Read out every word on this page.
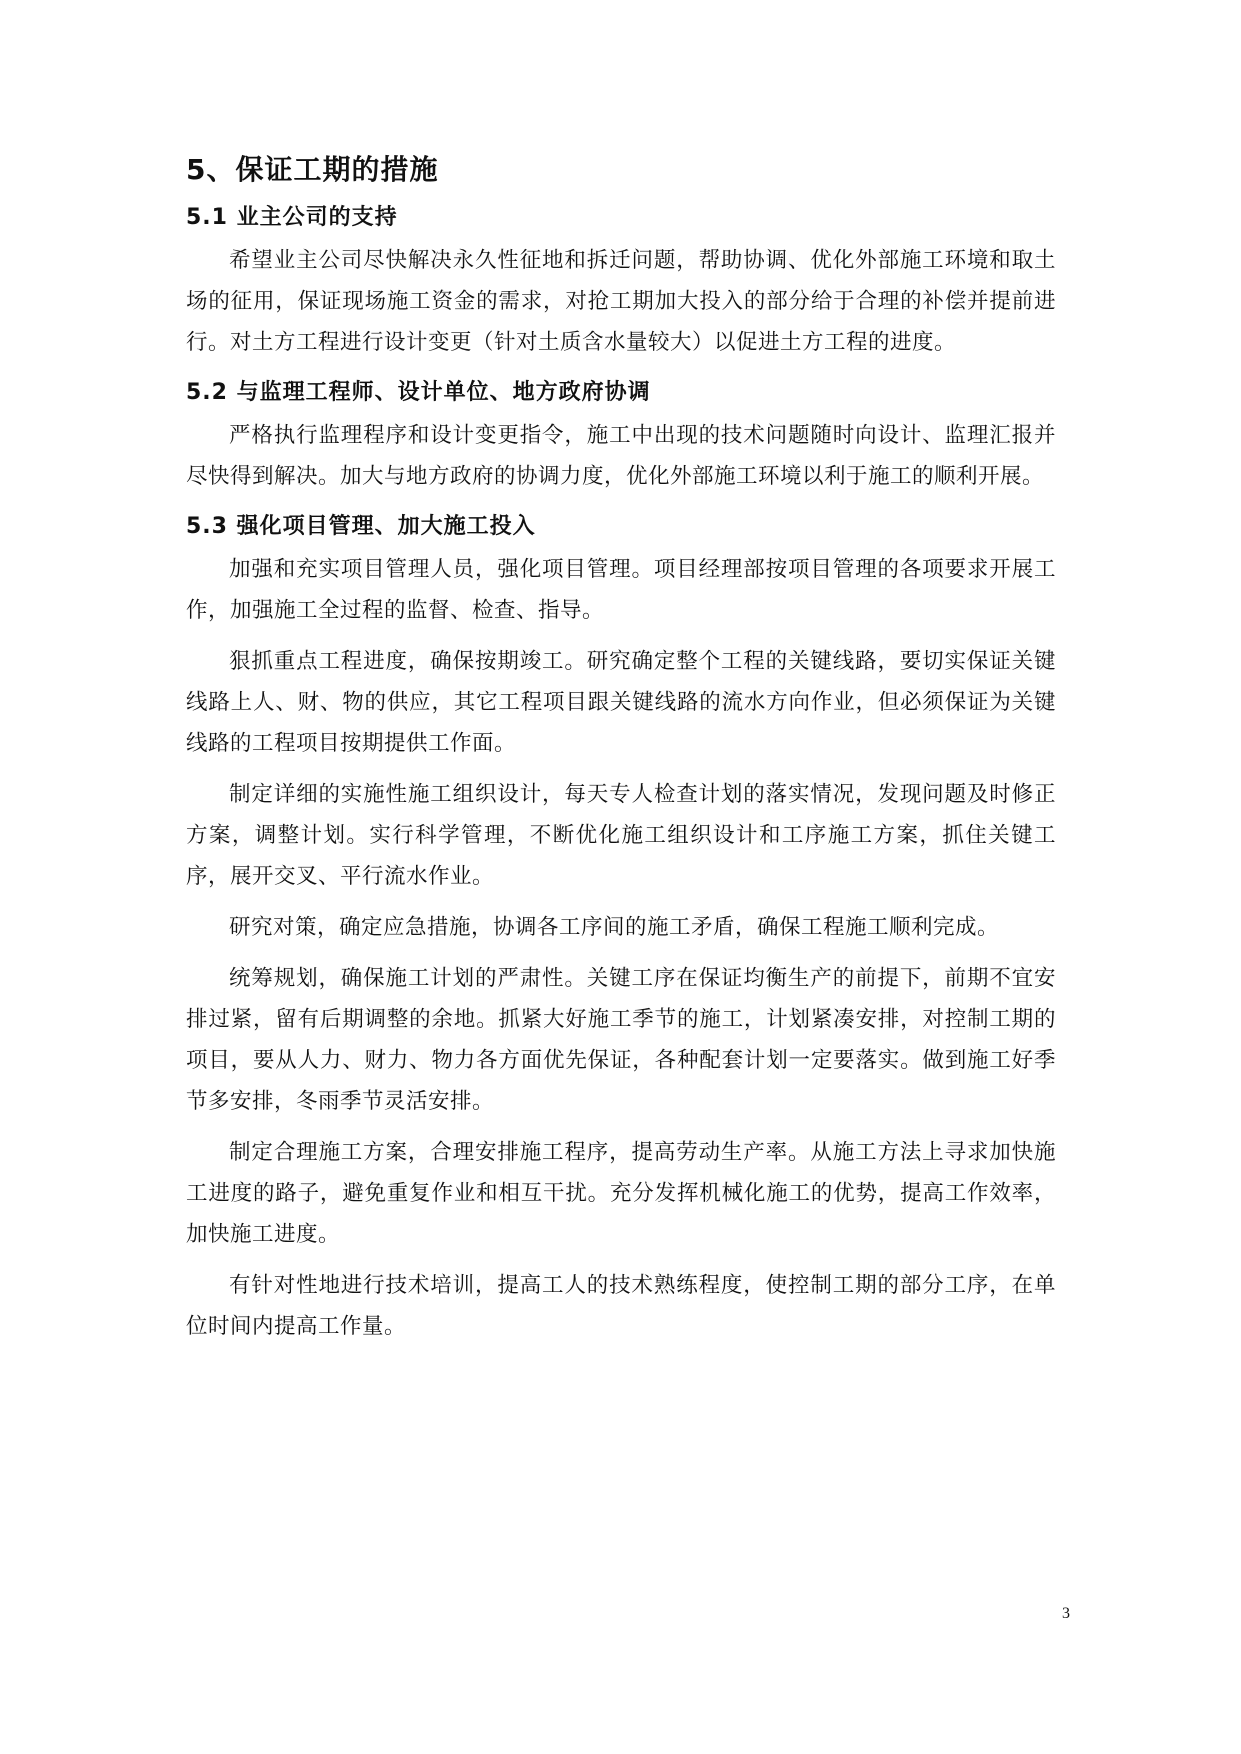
5、保证工期的措施
5.1 业主公司的支持

希望业主公司尽快解决永久性征地和拆迁问题，帮助协调、优化外部施工环境和取土场的征用，保证现场施工资金的需求，对抢工期加大投入的部分给于合理的补偿并提前进行。对土方工程进行设计变更（针对土质含水量较大）以促进土方工程的进度。

5.2 与监理工程师、设计单位、地方政府协调

严格执行监理程序和设计变更指令，施工中出现的技术问题随时向设计、监理汇报并尽快得到解决。加大与地方政府的协调力度，优化外部施工环境以利于施工的顺利开展。

5.3 强化项目管理、加大施工投入

加强和充实项目管理人员，强化项目管理。项目经理部按项目管理的各项要求开展工作，加强施工全过程的监督、检查、指导。

狠抓重点工程进度，确保按期竣工。研究确定整个工程的关键线路，要切实保证关键线路上人、财、物的供应，其它工程项目跟关键线路的流水方向作业，但必须保证为关键线路的工程项目按期提供工作面。

制定详细的实施性施工组织设计，每天专人检查计划的落实情况，发现问题及时修正方案，调整计划。实行科学管理，不断优化施工组织设计和工序施工方案，抓住关键工序，展开交叉、平行流水作业。

研究对策，确定应急措施，协调各工序间的施工矛盾，确保工程施工顺利完成。

统筹规划，确保施工计划的严肃性。关键工序在保证均衡生产的前提下，前期不宜安排过紧，留有后期调整的余地。抓紧大好施工季节的施工，计划紧凑安排，对控制工期的项目，要从人力、财力、物力各方面优先保证，各种配套计划一定要落实。做到施工好季节多安排，冬雨季节灵活安排。

制定合理施工方案，合理安排施工程序，提高劳动生产率。从施工方法上寻求加快施工进度的路子，避免重复作业和相互干扰。充分发挥机械化施工的优势，提高工作效率，加快施工进度。

有针对性地进行技术培训，提高工人的技术熟练程度，使控制工期的部分工序，在单位时间内提高工作量。

3
